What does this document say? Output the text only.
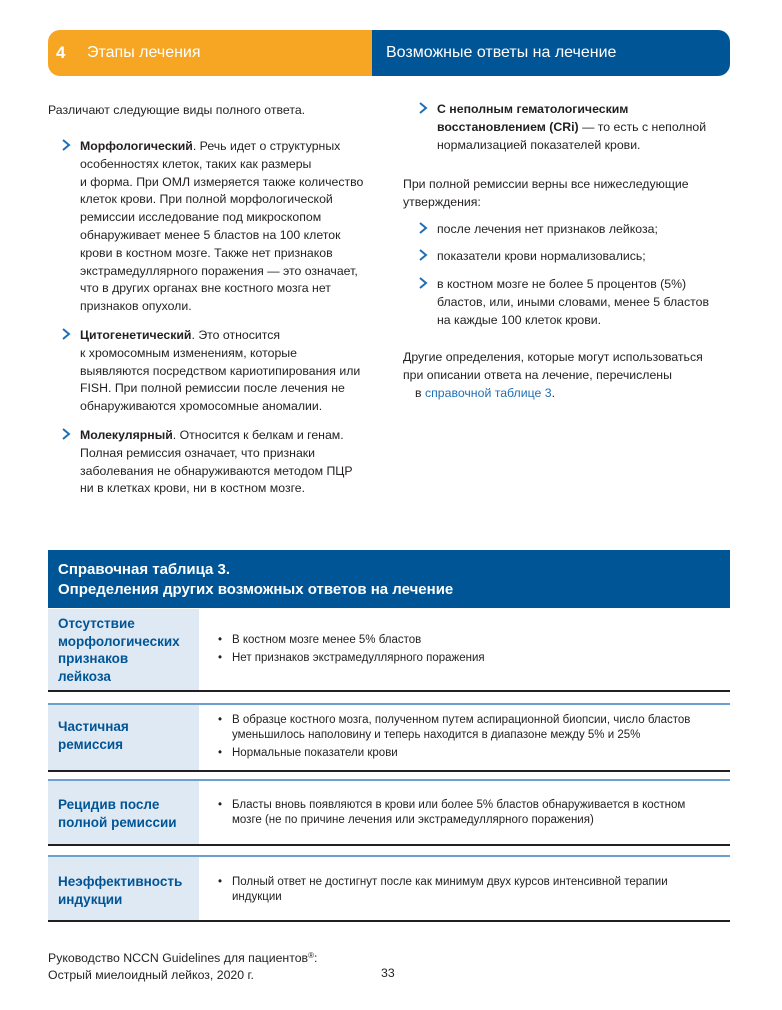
4 Этапы лечения	Возможные ответы на лечение
Различают следующие виды полного ответа.
Морфологический. Речь идет о структурных
особенностях клеток, таких как размеры
и форма. При ОМЛ измеряется также количество
клеток крови. При полной морфологической
ремиссии исследование под микроскопом
обнаруживает менее 5 бластов на 100 клеток
крови в костном мозге. Также нет признаков
экстрамедуллярного поражения — это означает,
что в других органах вне костного мозга нет
признаков опухоли.
Цитогенетический. Это относится
к хромосомным изменениям, которые
выявляются посредством кариотипирования или
FISH. При полной ремиссии после лечения не
обнаруживаются хромосомные аномалии.
Молекулярный. Относится к белкам и генам.
Полная ремиссия означает, что признаки
заболевания не обнаруживаются методом ПЦР
ни в клетках крови, ни в костном мозге.
С неполным гематологическим
восстановлением (CRi) — то есть с неполной
нормализацией показателей крови.
При полной ремиссии верны все нижеследующие
утверждения:
после лечения нет признаков лейкоза;
показатели крови нормализовались;
в костном мозге не более 5 процентов (5%)
бластов, или, иными словами, менее 5 бластов
на каждые 100 клеток крови.
Другие определения, которые могут использоваться
при описании ответа на лечение, перечислены
в справочной таблице 3.
Справочная таблица 3.
Определения других возможных ответов на лечение
Отсутствие
морфологических
признаков
лейкоза
• В костном мозге менее 5% бластов
• Нет признаков экстрамедуллярного поражения
Частичная
ремиссия
• В образце костного мозга, полученном путем аспирационной биопсии, число бластов
уменьшилось наполовину и теперь находится в диапазоне между 5% и 25%
• Нормальные показатели крови
Рецидив после
полной ремиссии
• Бласты вновь появляются в крови или более 5% бластов обнаруживается в костном
мозге (не по причине лечения или экстрамедуллярного поражения)
Неэффективность
индукции
• Полный ответ не достигнут после как минимум двух курсов интенсивной терапии
индукции
Руководство NCCN Guidelines для пациентов®:
Острый миелоидный лейкоз, 2020 г.	33
